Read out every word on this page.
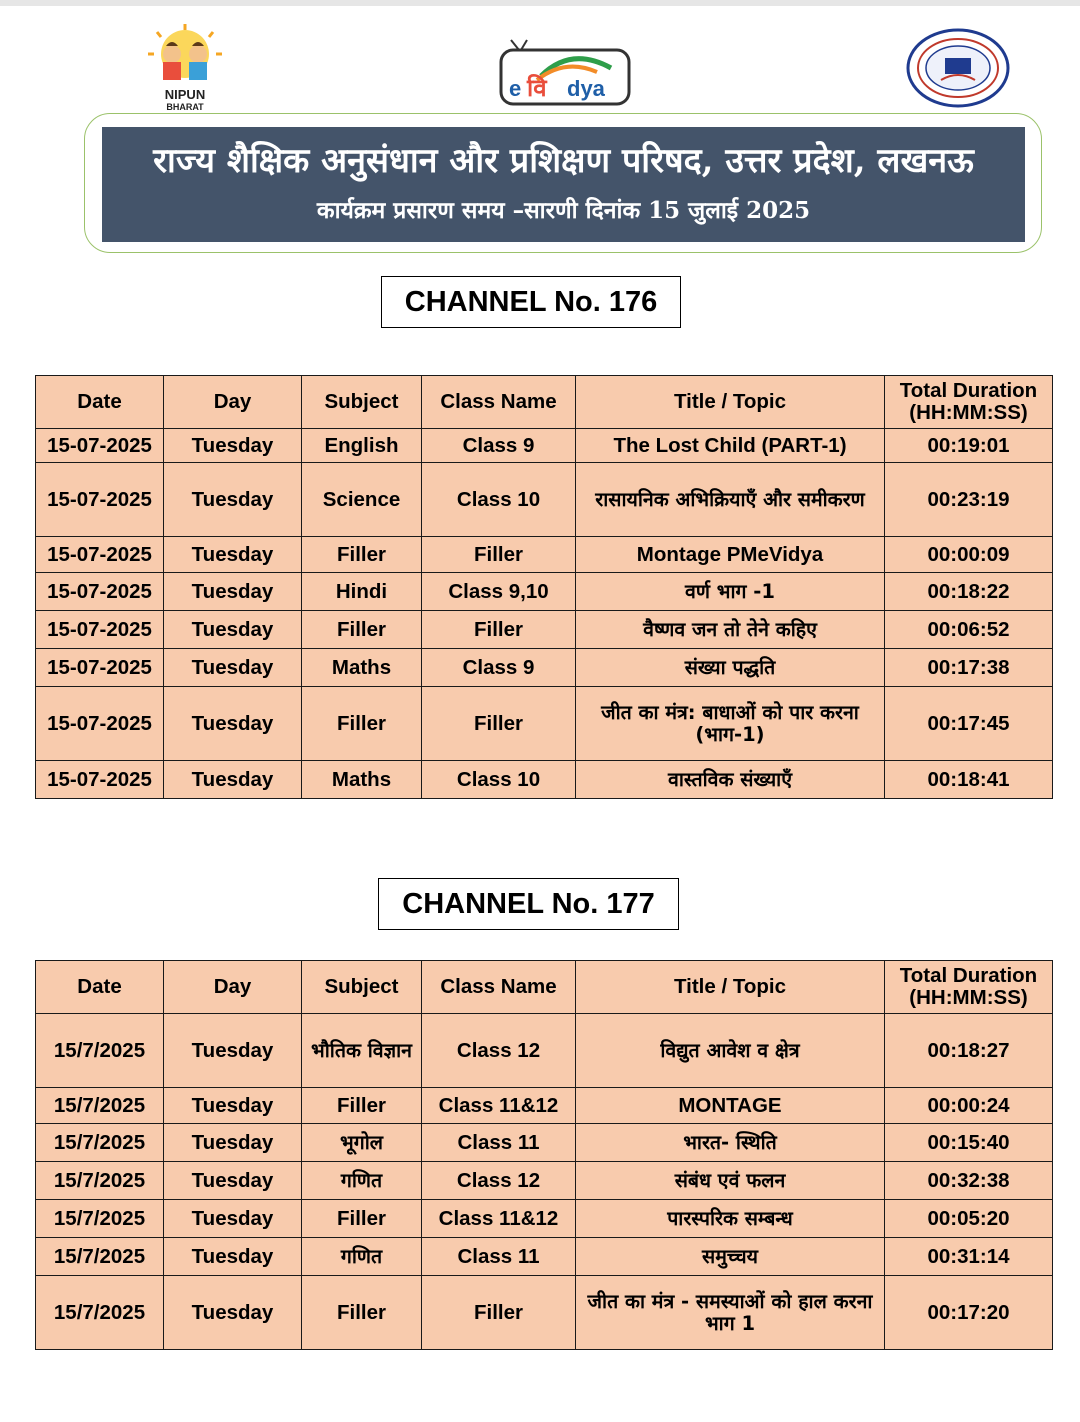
NIPUN
BHARAT
e वि dya
राज्य शैक्षिक अनुसंधान और प्रशिक्षण परिषद, उत्तर प्रदेश, लखनऊ
कार्यक्रम प्रसारण समय –सारणी दिनांक 15 जुलाई 2025
CHANNEL No. 176
Date	Day	Subject	Class Name	Title / Topic	Total Duration
(HH:MM:SS)

15-07-2025	Tuesday	English	Class 9	The Lost Child (PART-1)	00:19:01
15-07-2025	Tuesday	Science	Class 10	रासायनिक अभिक्रियाएँ और समीकरण	00:23:19
15-07-2025	Tuesday	Filler	Filler	Montage PMeVidya	00:00:09
15-07-2025	Tuesday	Hindi	Class 9,10	वर्ण भाग -1	00:18:22
15-07-2025	Tuesday	Filler	Filler	वैष्णव जन तो तेने कहिए	00:06:52
15-07-2025	Tuesday	Maths	Class 9	संख्या पद्धति	00:17:38
15-07-2025	Tuesday	Filler	Filler	जीत का मंत्र: बाधाओं को पार करना (भाग-1)	00:17:45
15-07-2025	Tuesday	Maths	Class 10	वास्तविक संख्याएँ	00:18:41
CHANNEL No. 177
Date	Day	Subject	Class Name	Title / Topic	Total Duration
(HH:MM:SS)

15/7/2025	Tuesday	भौतिक विज्ञान	Class 12	विद्युत आवेश व क्षेत्र	00:18:27
15/7/2025	Tuesday	Filler	Class 11&12	MONTAGE	00:00:24
15/7/2025	Tuesday	भूगोल	Class 11	भारत- स्थिति	00:15:40
15/7/2025	Tuesday	गणित	Class 12	संबंध एवं फलन	00:32:38
15/7/2025	Tuesday	Filler	Class 11&12	पारस्परिक सम्बन्ध	00:05:20
15/7/2025	Tuesday	गणित	Class 11	समुच्चय	00:31:14
15/7/2025	Tuesday	Filler	Filler	जीत का मंत्र - समस्याओं को हाल करना भाग 1	00:17:20
